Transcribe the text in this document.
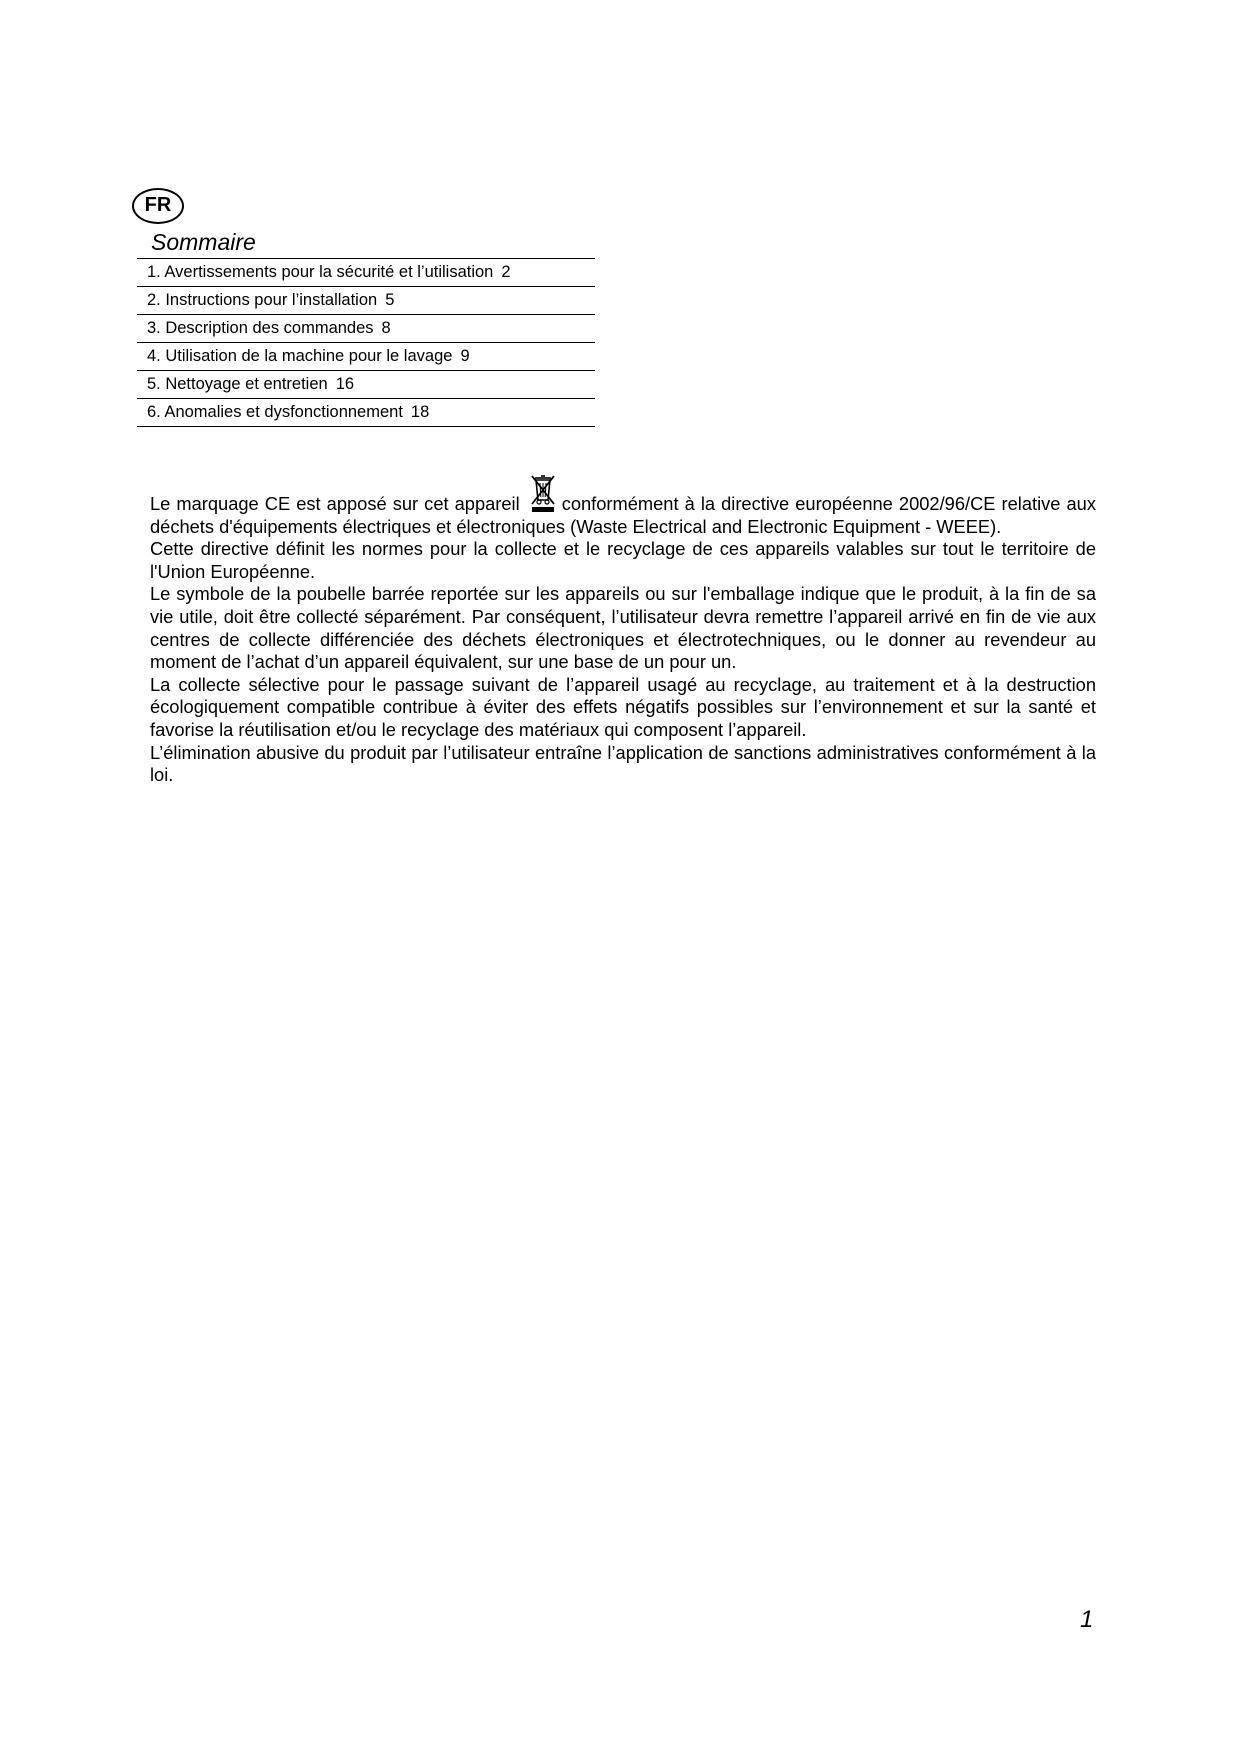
FR
Sommaire
1. Avertissements pour la sécurité et l’utilisation 2
2. Instructions pour l’installation 5
3. Description des commandes 8
4. Utilisation de la machine pour le lavage 9
5. Nettoyage et entretien 16
6. Anomalies et dysfonctionnement 18

Le marquage CE est apposé sur cet appareil conformément à la directive européenne 2002/96/CE relative aux déchets d'équipements électriques et électroniques (Waste Electrical and Electronic Equipment - WEEE).

Cette directive définit les normes pour la collecte et le recyclage de ces appareils valables sur tout le territoire de l'Union Européenne.

Le symbole de la poubelle barrée reportée sur les appareils ou sur l'emballage indique que le produit, à la fin de sa vie utile, doit être collecté séparément. Par conséquent, l’utilisateur devra remettre l’appareil arrivé en fin de vie aux centres de collecte différenciée des déchets électroniques et électrotechniques, ou le donner au revendeur au moment de l’achat d’un appareil équivalent, sur une base de un pour un.

La collecte sélective pour le passage suivant de l’appareil usagé au recyclage, au traitement et à la destruction écologiquement compatible contribue à éviter des effets négatifs possibles sur l’environnement et sur la santé et favorise la réutilisation et/ou le recyclage des matériaux qui composent l’appareil.

L’élimination abusive du produit par l’utilisateur entraîne l’application de sanctions administratives conformément à la loi.

1
